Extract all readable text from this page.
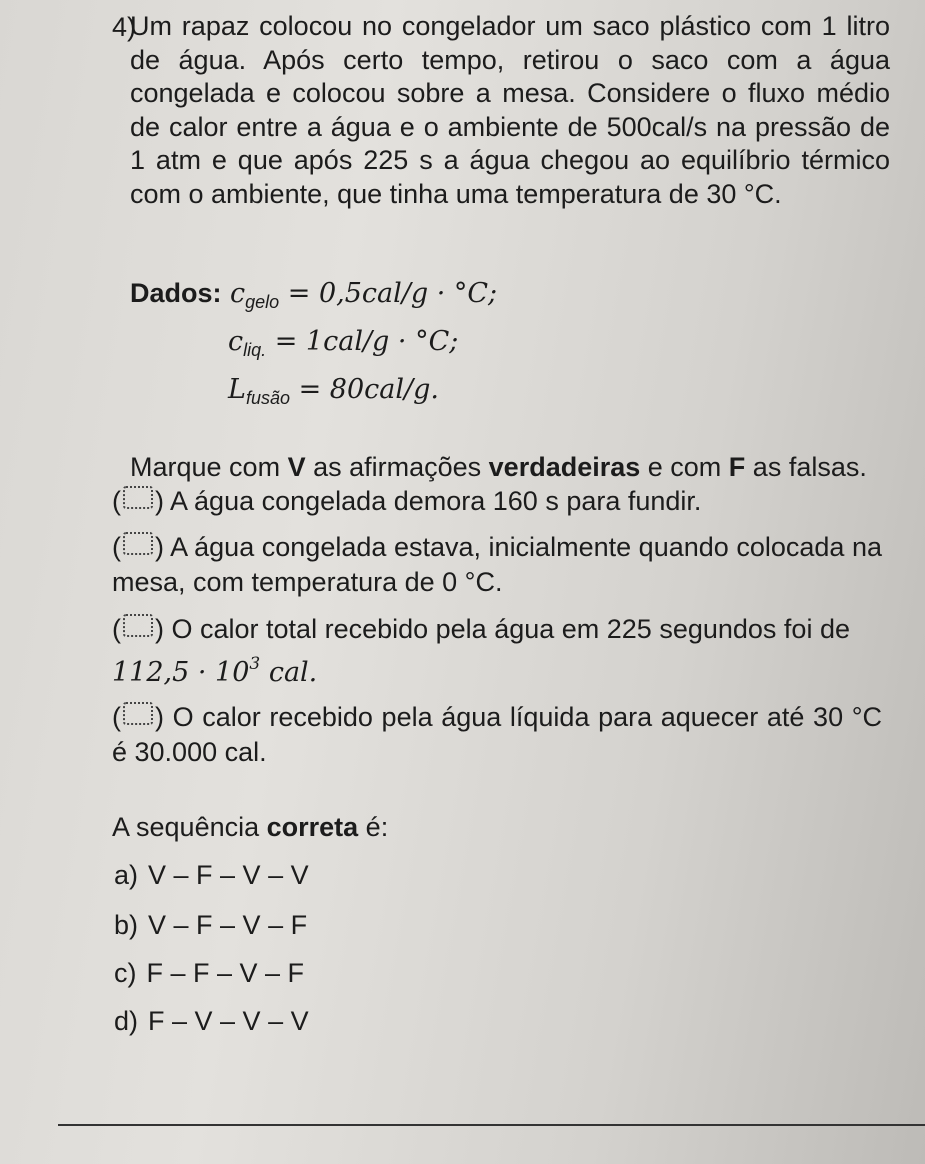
4)
Um rapaz colocou no congelador um saco plástico com 1 litro de água. Após certo tempo, retirou o saco com a água congelada e colocou sobre a mesa. Considere o fluxo médio de calor entre a água e o ambiente de 500cal/s na pressão de 1 atm e que após 225 s a água chegou ao equilíbrio térmico com o ambiente, que tinha uma temperatura de 30 °C.
Dados: $c_{gelo} = 0,5cal/g \cdot ^\circ C$;
$c_{liq.} = 1cal/g \cdot ^\circ C$;
$L_{fusão} = 80cal/g$.
Marque com V as afirmações verdadeiras e com F as falsas.
( ) A água congelada demora 160 s para fundir.
( ) A água congelada estava, inicialmente quando colocada na mesa, com temperatura de 0 °C.
( ) O calor total recebido pela água em 225 segundos foi de
$112,5 \cdot 10^3$ cal.
( ) O calor recebido pela água líquida para aquecer até 30 °C é 30.000 cal.
A sequência correta é:
a) V – F – V – V
b) V – F – V – F
c) F – F – V – F
d) F – V – V – V
